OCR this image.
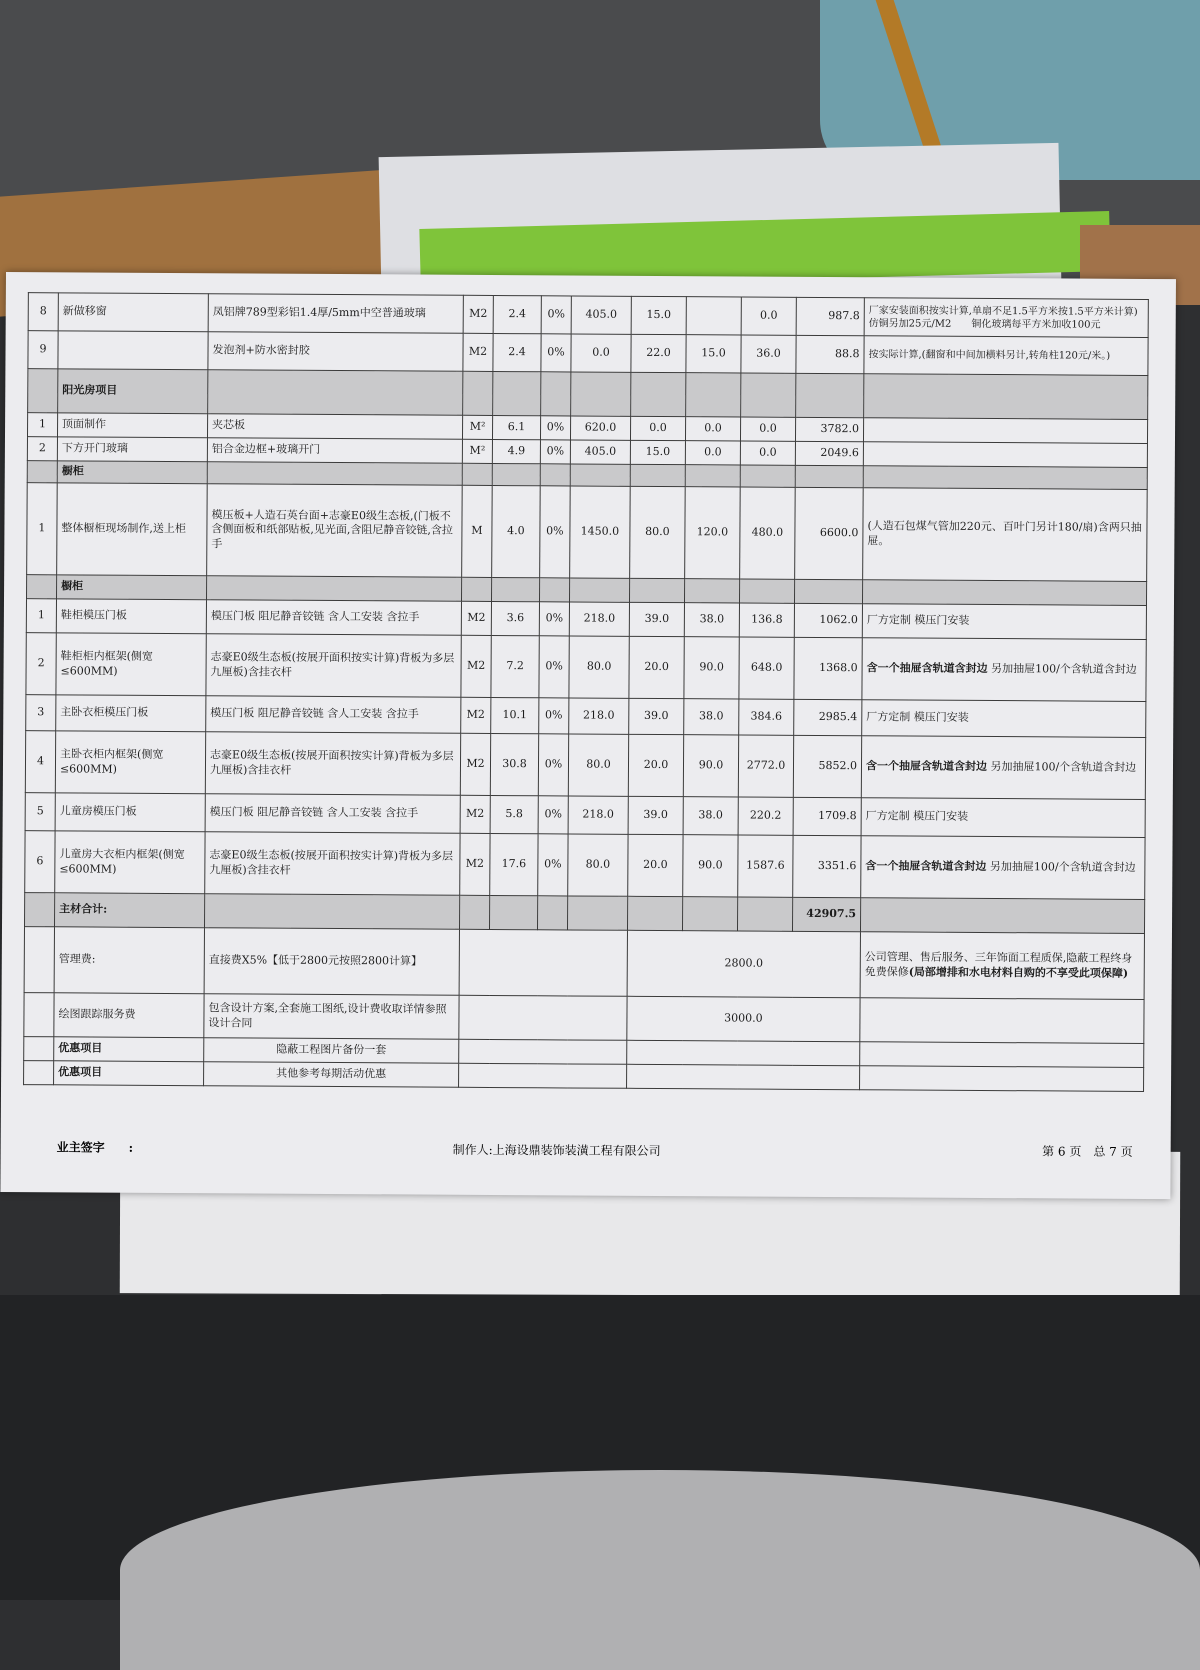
8	新做移窗	凤铝牌789型彩铝1.4厚/5mm中空普通玻璃	M2	2.4	0%	405.0	15.0		0.0	987.8	厂家安装面积按实计算,单扇不足1.5平方米按1.5平方米计算)仿铜另加25元/M2　　铜化玻璃每平方米加收100元
9		发泡剂+防水密封胶	M2	2.4	0%	0.0	22.0	15.0	36.0	88.8	按实际计算,(翻窗和中间加横料另计,转角柱120元/米。)
	阳光房项目										
1	顶面制作	夹芯板	M²	6.1	0%	620.0	0.0	0.0	0.0	3782.0	
2	下方开门玻璃	铝合金边框+玻璃开门	M²	4.9	0%	405.0	15.0	0.0	0.0	2049.6	
	橱柜										
1	整体橱柜现场制作,送上柜	模压板+人造石英台面+志豪E0级生态板,(门板不含侧面板和纸部贴板,见光面,含阻尼静音铰链,含拉手	M	4.0	0%	1450.0	80.0	120.0	480.0	6600.0	(人造石包煤气管加220元、百叶门另计180/扇)含两只抽屉。
	橱柜										
1	鞋柜模压门板	模压门板 阻尼静音铰链 含人工安装 含拉手	M2	3.6	0%	218.0	39.0	38.0	136.8	1062.0	厂方定制 模压门安装
2	鞋柜柜内框架(侧宽≤600MM)	志豪E0级生态板(按展开面积按实计算)背板为多层九厘板)含挂衣杆	M2	7.2	0%	80.0	20.0	90.0	648.0	1368.0	含一个抽屉含轨道含封边 另加抽屉100/个含轨道含封边
3	主卧衣柜模压门板	模压门板 阻尼静音铰链 含人工安装 含拉手	M2	10.1	0%	218.0	39.0	38.0	384.6	2985.4	厂方定制 模压门安装
4	主卧衣柜内框架(侧宽≤600MM)	志豪E0级生态板(按展开面积按实计算)背板为多层九厘板)含挂衣杆	M2	30.8	0%	80.0	20.0	90.0	2772.0	5852.0	含一个抽屉含轨道含封边 另加抽屉100/个含轨道含封边
5	儿童房模压门板	模压门板 阻尼静音铰链 含人工安装 含拉手	M2	5.8	0%	218.0	39.0	38.0	220.2	1709.8	厂方定制 模压门安装
6	儿童房大衣柜内框架(侧宽≤600MM)	志豪E0级生态板(按展开面积按实计算)背板为多层九厘板)含挂衣杆	M2	17.6	0%	80.0	20.0	90.0	1587.6	3351.6	含一个抽屉含轨道含封边 另加抽屉100/个含轨道含封边
	主材合计:									42907.5	
	管理费:	直接费X5%【低于2800元按照2800计算】					2800.0				公司管理、售后服务、三年饰面工程质保,隐蔽工程终身免费保修(局部增排和水电材料自购的不享受此项保障)
	绘图跟踪服务费	包含设计方案,全套施工图纸,设计费收取详情参照设计合同					3000.0				
	优惠项目	隐蔽工程图片备份一套									
	优惠项目	其他参考每期活动优惠									
业主签字　　:	制作人:上海设鼎装饰装潢工程有限公司	第 6 页　总 7 页
